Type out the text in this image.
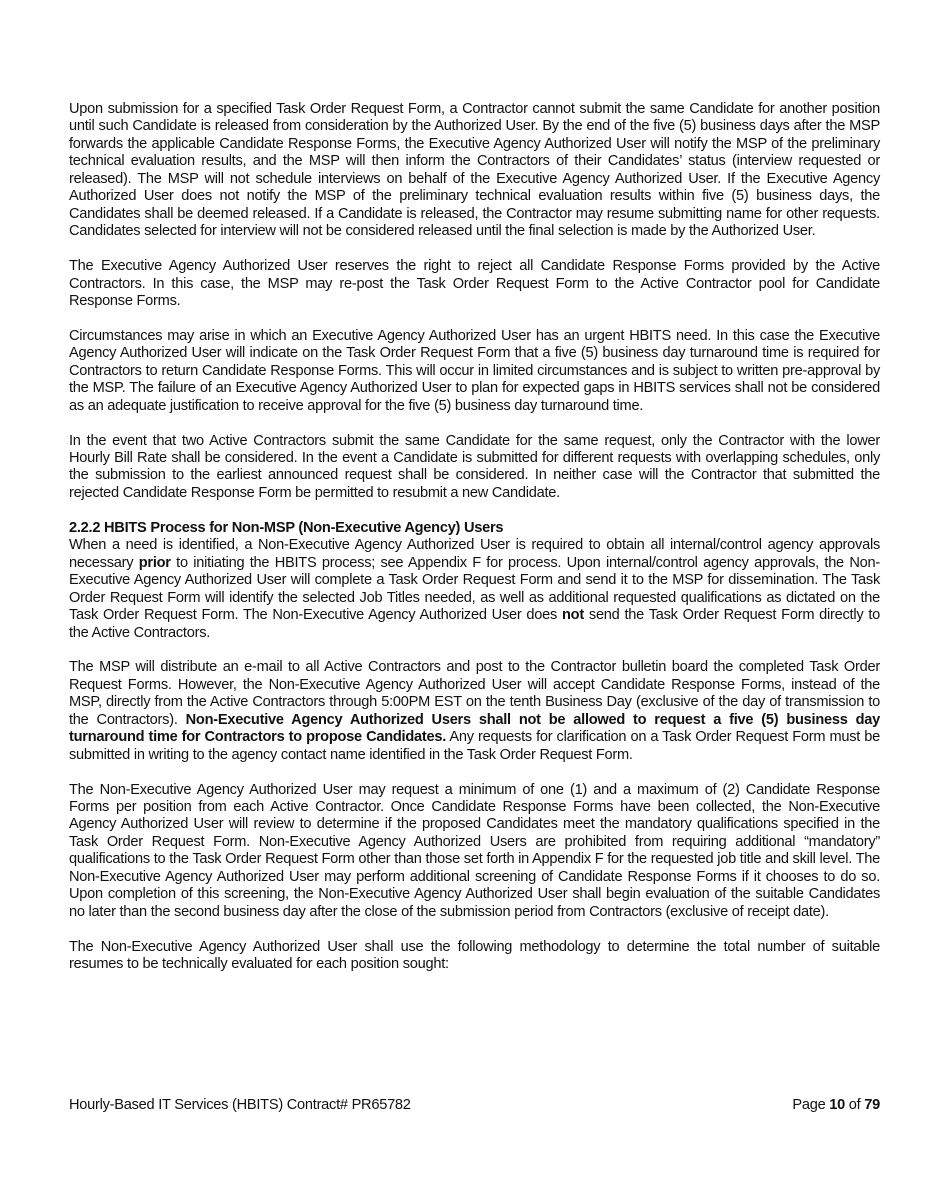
Upon submission for a specified Task Order Request Form, a Contractor cannot submit the same Candidate for another position until such Candidate is released from consideration by the Authorized User. By the end of the five (5) business days after the MSP forwards the applicable Candidate Response Forms, the Executive Agency Authorized User will notify the MSP of the preliminary technical evaluation results, and the MSP will then inform the Contractors of their Candidates’ status (interview requested or released). The MSP will not schedule interviews on behalf of the Executive Agency Authorized User. If the Executive Agency Authorized User does not notify the MSP of the preliminary technical evaluation results within five (5) business days, the Candidates shall be deemed released. If a Candidate is released, the Contractor may resume submitting name for other requests. Candidates selected for interview will not be considered released until the final selection is made by the Authorized User.

The Executive Agency Authorized User reserves the right to reject all Candidate Response Forms provided by the Active Contractors. In this case, the MSP may re-post the Task Order Request Form to the Active Contractor pool for Candidate Response Forms.

Circumstances may arise in which an Executive Agency Authorized User has an urgent HBITS need. In this case the Executive Agency Authorized User will indicate on the Task Order Request Form that a five (5) business day turnaround time is required for Contractors to return Candidate Response Forms. This will occur in limited circumstances and is subject to written pre-approval by the MSP. The failure of an Executive Agency Authorized User to plan for expected gaps in HBITS services shall not be considered as an adequate justification to receive approval for the five (5) business day turnaround time.

In the event that two Active Contractors submit the same Candidate for the same request, only the Contractor with the lower Hourly Bill Rate shall be considered. In the event a Candidate is submitted for different requests with overlapping schedules, only the submission to the earliest announced request shall be considered. In neither case will the Contractor that submitted the rejected Candidate Response Form be permitted to resubmit a new Candidate.

2.2.2 HBITS Process for Non-MSP (Non-Executive Agency) Users

When a need is identified, a Non-Executive Agency Authorized User is required to obtain all internal/control agency approvals necessary prior to initiating the HBITS process; see Appendix F for process. Upon internal/control agency approvals, the Non-Executive Agency Authorized User will complete a Task Order Request Form and send it to the MSP for dissemination. The Task Order Request Form will identify the selected Job Titles needed, as well as additional requested qualifications as dictated on the Task Order Request Form. The Non-Executive Agency Authorized User does not send the Task Order Request Form directly to the Active Contractors.

The MSP will distribute an e-mail to all Active Contractors and post to the Contractor bulletin board the completed Task Order Request Forms. However, the Non-Executive Agency Authorized User will accept Candidate Response Forms, instead of the MSP, directly from the Active Contractors through 5:00PM EST on the tenth Business Day (exclusive of the day of transmission to the Contractors). Non-Executive Agency Authorized Users shall not be allowed to request a five (5) business day turnaround time for Contractors to propose Candidates. Any requests for clarification on a Task Order Request Form must be submitted in writing to the agency contact name identified in the Task Order Request Form.

The Non-Executive Agency Authorized User may request a minimum of one (1) and a maximum of (2) Candidate Response Forms per position from each Active Contractor. Once Candidate Response Forms have been collected, the Non-Executive Agency Authorized User will review to determine if the proposed Candidates meet the mandatory qualifications specified in the Task Order Request Form. Non-Executive Agency Authorized Users are prohibited from requiring additional “mandatory” qualifications to the Task Order Request Form other than those set forth in Appendix F for the requested job title and skill level. The Non-Executive Agency Authorized User may perform additional screening of Candidate Response Forms if it chooses to do so. Upon completion of this screening, the Non-Executive Agency Authorized User shall begin evaluation of the suitable Candidates no later than the second business day after the close of the submission period from Contractors (exclusive of receipt date).

The Non-Executive Agency Authorized User shall use the following methodology to determine the total number of suitable resumes to be technically evaluated for each position sought:

Hourly-Based IT Services (HBITS) Contract# PR65782	Page 10 of 79
